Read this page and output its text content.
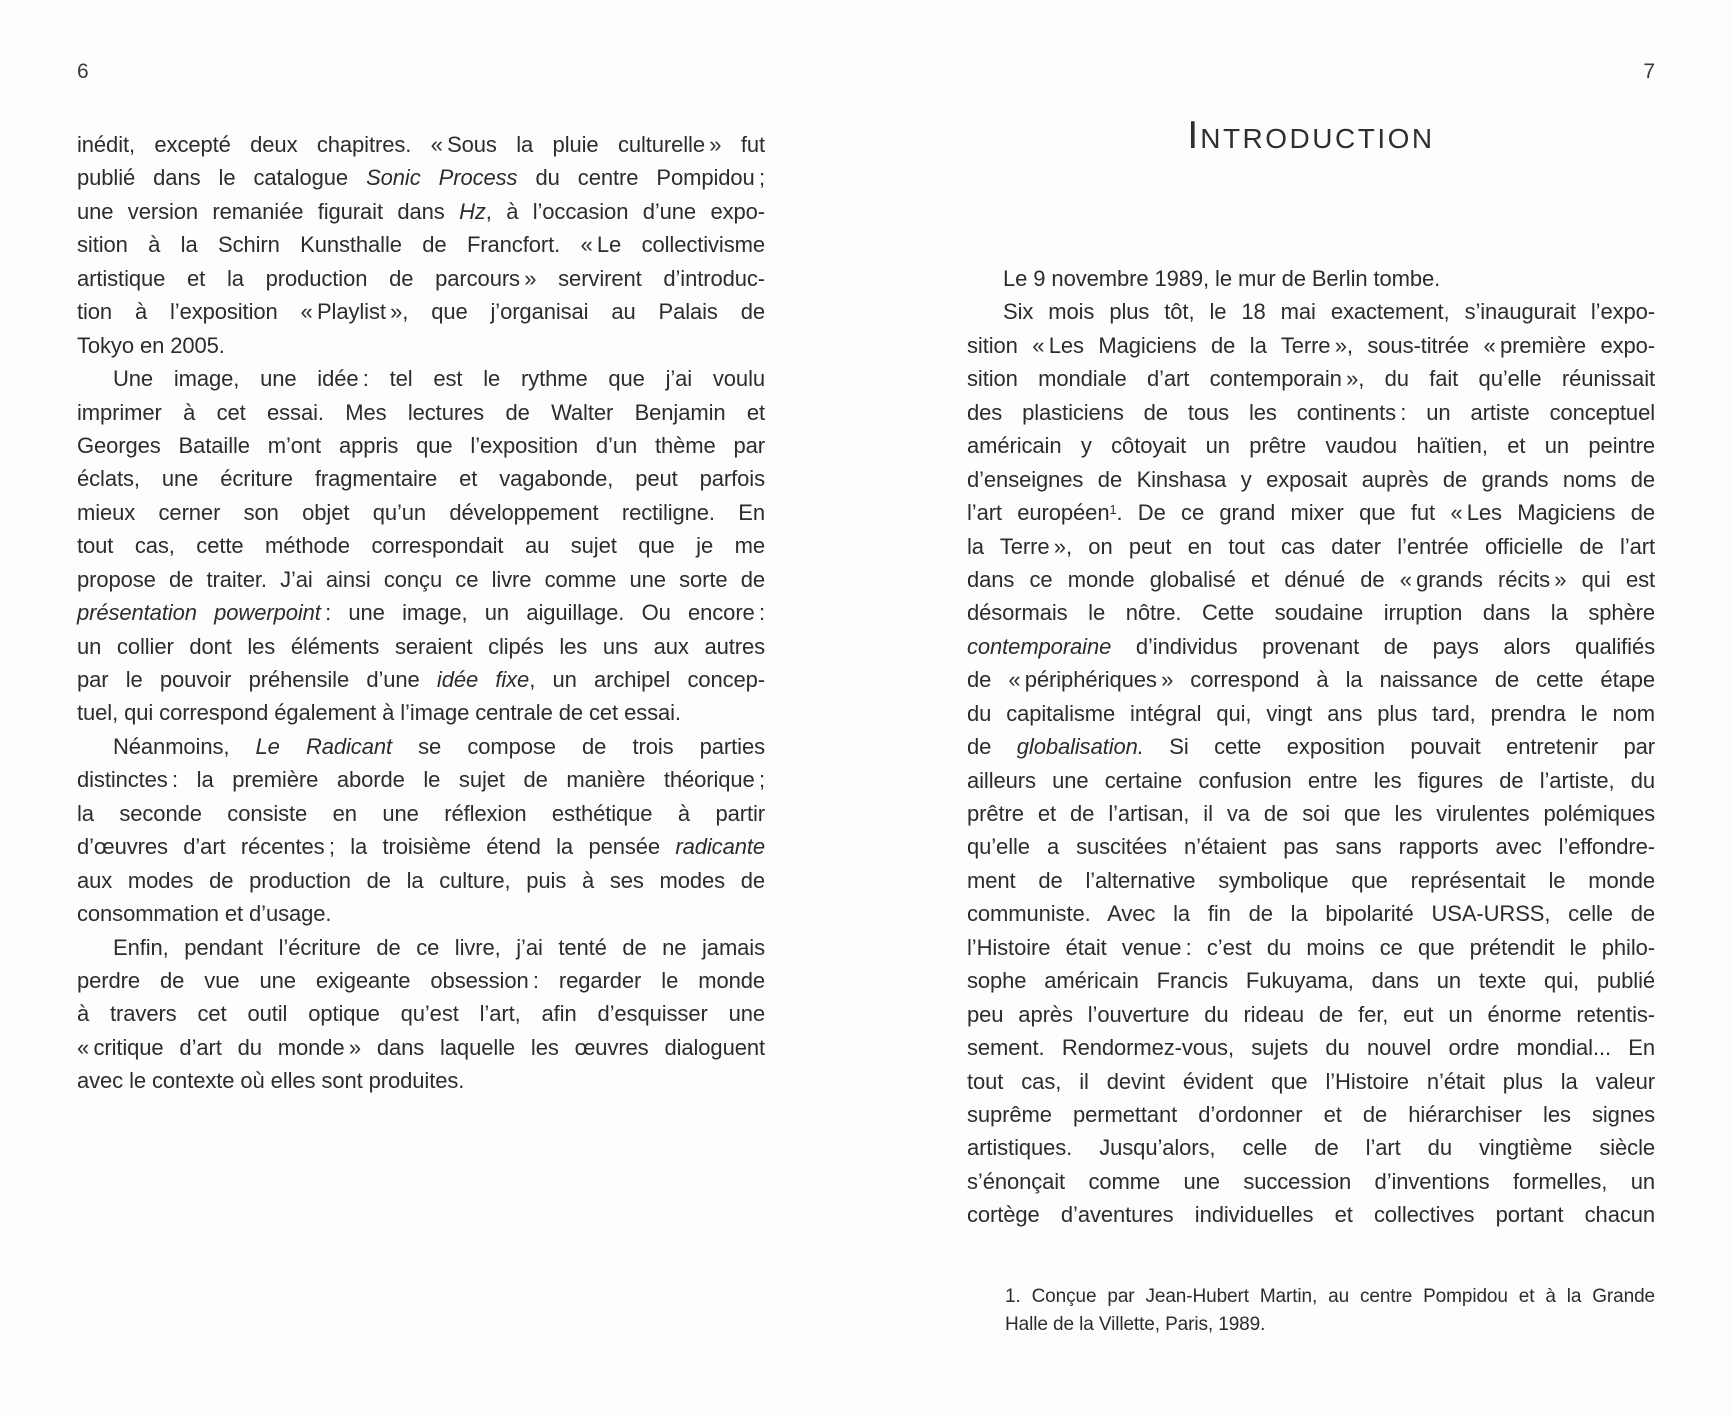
6	7
inédit, excepté deux chapitres. « Sous la pluie culturelle » fut
publié dans le catalogue Sonic Process du centre Pompidou ;
une version remaniée figurait dans Hz, à l’occasion d’une expo-
sition à la Schirn Kunsthalle de Francfort. « Le collectivisme
artistique et la production de parcours » servirent d’introduc-
tion à l’exposition « Playlist », que j’organisai au Palais de
Tokyo en 2005.
Une image, une idée : tel est le rythme que j’ai voulu
imprimer à cet essai. Mes lectures de Walter Benjamin et
Georges Bataille m’ont appris que l’exposition d’un thème par
éclats, une écriture fragmentaire et vagabonde, peut parfois
mieux cerner son objet qu’un développement rectiligne. En
tout cas, cette méthode correspondait au sujet que je me
propose de traiter. J’ai ainsi conçu ce livre comme une sorte de
présentation powerpoint : une image, un aiguillage. Ou encore :
un collier dont les éléments seraient clipés les uns aux autres
par le pouvoir préhensile d’une idée fixe, un archipel concep-
tuel, qui correspond également à l’image centrale de cet essai.
Néanmoins, Le Radicant se compose de trois parties
distinctes : la première aborde le sujet de manière théorique ;
la seconde consiste en une réflexion esthétique à partir
d’œuvres d’art récentes ; la troisième étend la pensée radicante
aux modes de production de la culture, puis à ses modes de
consommation et d’usage.
Enfin, pendant l’écriture de ce livre, j’ai tenté de ne jamais
perdre de vue une exigeante obsession : regarder le monde
à travers cet outil optique qu’est l’art, afin d’esquisser une
« critique d’art du monde » dans laquelle les œuvres dialoguent
avec le contexte où elles sont produites.
INTRODUCTION
Le 9 novembre 1989, le mur de Berlin tombe.
Six mois plus tôt, le 18 mai exactement, s’inaugurait l’expo-
sition « Les Magiciens de la Terre », sous-titrée « première expo-
sition mondiale d’art contemporain », du fait qu’elle réunissait
des plasticiens de tous les continents : un artiste conceptuel
américain y côtoyait un prêtre vaudou haïtien, et un peintre
d’enseignes de Kinshasa y exposait auprès de grands noms de
l’art européen$^1$. De ce grand mixer que fut « Les Magiciens de
la Terre », on peut en tout cas dater l’entrée officielle de l’art
dans ce monde globalisé et dénué de « grands récits » qui est
désormais le nôtre. Cette soudaine irruption dans la sphère
contemporaine d’individus provenant de pays alors qualifiés
de « périphériques » correspond à la naissance de cette étape
du capitalisme intégral qui, vingt ans plus tard, prendra le nom
de globalisation. Si cette exposition pouvait entretenir par
ailleurs une certaine confusion entre les figures de l’artiste, du
prêtre et de l’artisan, il va de soi que les virulentes polémiques
qu’elle a suscitées n’étaient pas sans rapports avec l’effondre-
ment de l’alternative symbolique que représentait le monde
communiste. Avec la fin de la bipolarité USA-URSS, celle de
l’Histoire était venue : c’est du moins ce que prétendit le philo-
sophe américain Francis Fukuyama, dans un texte qui, publié
peu après l’ouverture du rideau de fer, eut un énorme retentis-
sement. Rendormez-vous, sujets du nouvel ordre mondial... En
tout cas, il devint évident que l’Histoire n’était plus la valeur
suprême permettant d’ordonner et de hiérarchiser les signes
artistiques. Jusqu’alors, celle de l’art du vingtième siècle
s’énonçait comme une succession d’inventions formelles, un
cortège d’aventures individuelles et collectives portant chacun
1. Conçue par Jean-Hubert Martin, au centre Pompidou et à la Grande
Halle de la Villette, Paris, 1989.
